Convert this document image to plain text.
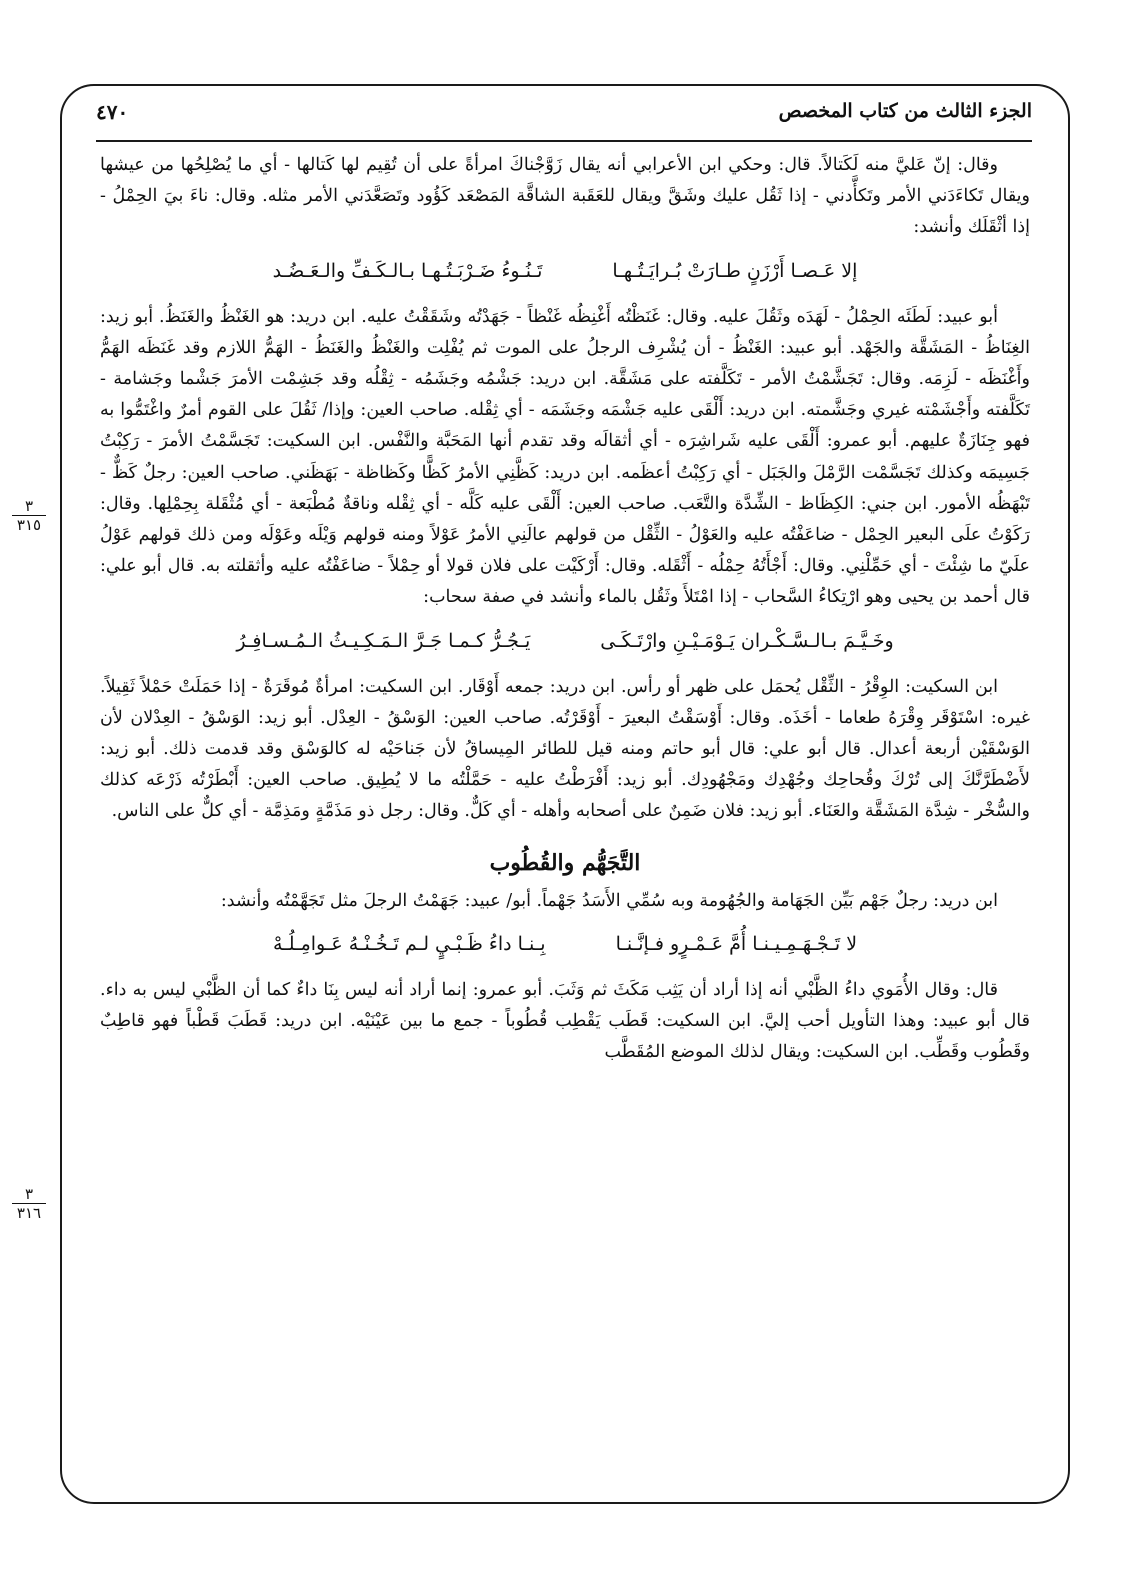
الجزء الثالث من كتاب المخصص
٤٧٠
٣
٣١٥
٣
٣١٦

وقال: إنّ عَليَّ منه لَكَتالاً. قال: وحكي ابن الأعرابي أنه يقال زَوَّجْناكَ امرأةً على أن تُقِيم لها كَتالها - أي ما يُصْلِحُها من عيشها ويقال تَكاءَدَني الأمر وتَكأَّدني - إذا ثَقُل عليك وشَقَّ ويقال للعَقَبة الشاقَّة المَصْعَد كَؤُود وتَصَعَّدَني الأمر مثله. وقال: ناءَ بيَ الحِمْلُ - إذا أثْقَلَك وأنشد:

إلا عَـصـا أَرْزَنٍ طـارَتْ بُـرايَـتُـهـا
تَـنُـوءُ ضَـرْبَـتُـهـا بـالـكَـفِّ والـعَـضُـد

أبو عبيد: لَطَئَه الحِمْلُ - لَهَدَه وثَقُلَ عليه. وقال: غَنَظْتُه أَغْنِظُه غَنْظاً - جَهَدْتُه وشَقَقْتُ عليه. ابن دريد: هو الغَنْظُ والغَنَظُ. أبو زيد: الغِنَاظُ - المَشَقَّة والجَهْد. أبو عبيد: الغَنْظُ - أن يُشْرِف الرجلُ على الموت ثم يُفْلِت والغَنْظُ والغَنَظُ - الهَمُّ اللازم وقد غَنَظَه الهَمُّ وأَغْنَظَه - لَزِمَه. وقال: تَجَشَّمْتُ الأمر - تَكَلَّفته على مَشَقَّة. ابن دريد: جَشْمُه وجَشَمُه - ثِقْلُه وقد جَشِمْت الأمرَ جَشْما وجَشامة - تَكَلَّفته وأَجْشَمْته غيري وجَشَّمته. ابن دريد: أَلْقَى عليه جَشْمَه وجَشَمَه - أي ثِقْله. صاحب العين: وإذا/ ثَقُلَ على القوم أمرٌ واغْتَمُّوا به فهو جِنَازَةٌ عليهم. أبو عمرو: أَلْقَى عليه شَراشِرَه - أي أثقالَه وقد تقدم أنها المَحَبَّة والنَّفْس. ابن السكيت: تَجَسَّمْتُ الأمرَ - رَكِبْتُ جَسِيمَه وكذلك تَجَسَّمْت الرَّمْلَ والجَبَل - أي رَكِبْتُ أعظَمه. ابن دريد: كَظَّنِي الأمرُ كَظًّا وكَظاظة - بَهَظَني. صاحب العين: رجلٌ كَظٌّ - تَبْهَظُه الأمور. ابن جني: الكِظَاظ - الشِّدَّة والتَّعَب. صاحب العين: أَلْقَى عليه كَلَّه - أي ثِقْله وناقةٌ مُطْبَعة - أي مُثْقَلة بِحِمْلِها. وقال: رَكَوْتُ علَى البعير الحِمْل - ضاعَفْتُه عليه والعَوْلُ - الثِّقْل من قولهم عالَنِي الأمرُ عَوْلاً ومنه قولهم وَيْلَه وعَوْلَه ومن ذلك قولهم عَوْلُ علَيّ ما شِئْتَ - أي حَمِّلْنِي. وقال: أَجْأَتُهُ حِمْلُه - أَثْقَله. وقال: أَرْكَيْت على فلان قولا أو حِمْلاً - ضاعَفْتُه عليه وأثقلته به. قال أبو علي: قال أحمد بن يحيى وهو ارْتِكاءُ السَّحاب - إذا امْتَلأَ وثَقُل بالماء وأنشد في صفة سحاب:

وخَـيَّـمَ بـالـسَّـكْـران يَـوْمَـيْـنِ وارْتَـكَـى
يَـجُـرُّ كـمـا جَـرَّ الـمَـكِـيـثُ الـمُـسـافِـرُ

ابن السكيت: الوِقْرُ - الثِّقْل يُحمَل على ظهر أو رأس. ابن دريد: جمعه أَوْقَار. ابن السكيت: امرأةٌ مُوقَرَةٌ - إذا حَمَلَتْ حَمْلاً ثَقِيلاً. غيره: اسْتَوْقَر وِقْرَهُ طعاما - أخَذَه. وقال: أَوْسَقْتُ البعيرَ - أَوْقَرْتُه. صاحب العين: الوَسْقُ - العِدْل. أبو زيد: الوَسْقُ - العِدْلان لأن الوَسْقَيْن أربعة أعدال. قال أبو علي: قال أبو حاتم ومنه قيل للطائر المِيساقُ لأن جَناحَيْه له كالوَسْق وقد قدمت ذلك. أبو زيد: لأَضْطَرَّنَّكَ إلى تُرْكَ وقُحاحِك وجُهْدِك ومَجْهُودِك. أبو زيد: أَفْرَطْتُ عليه - حَمَّلْتُه ما لا يُطِيق. صاحب العين: أَبْطَرْتُه ذَرْعَه كذلك والسُّخْر - شِدَّة المَشَقَّة والعَنَاء. أبو زيد: فلان ضَمِنٌ على أصحابه وأهله - أي كَلٌّ. وقال: رجل ذو مَذَمَّةٍ ومَذِمَّة - أي كلٌّ على الناس.

التَّجَهُّم والقُطُوب

ابن دريد: رجلٌ جَهْم بَيِّن الجَهَامة والجُهُومة وبه سُمِّي الأَسَدُ جَهْماً. أبو/ عبيد: جَهَمْتُ الرجلَ مثل تَجَهَّمْتُه وأنشد:

لا تَـجْـهَـمِـيـنـا أُمَّ عَـمْـرٍو فـإنَّـنـا
بِـنـا داءُ ظَـبْـيٍ لـم تَـخُـنْـهُ عَـوامِـلُـهْ

قال: وقال الأُمَوي داءُ الظَّبْي أنه إذا أراد أن يَثِب مَكَثَ ثم وَثَبَ. أبو عمرو: إنما أراد أنه ليس بِنَا داءٌ كما أن الظَّبْي ليس به داء. قال أبو عبيد: وهذا التأويل أحب إليَّ. ابن السكيت: قَطَب يَقْطِب قُطُوباً - جمع ما بين عَيْنَيْه. ابن دريد: قَطَبَ قَطْباً فهو قاطِبٌ وقَطُوب وقَطِّب. ابن السكيت: ويقال لذلك الموضع المُقَطَّب
